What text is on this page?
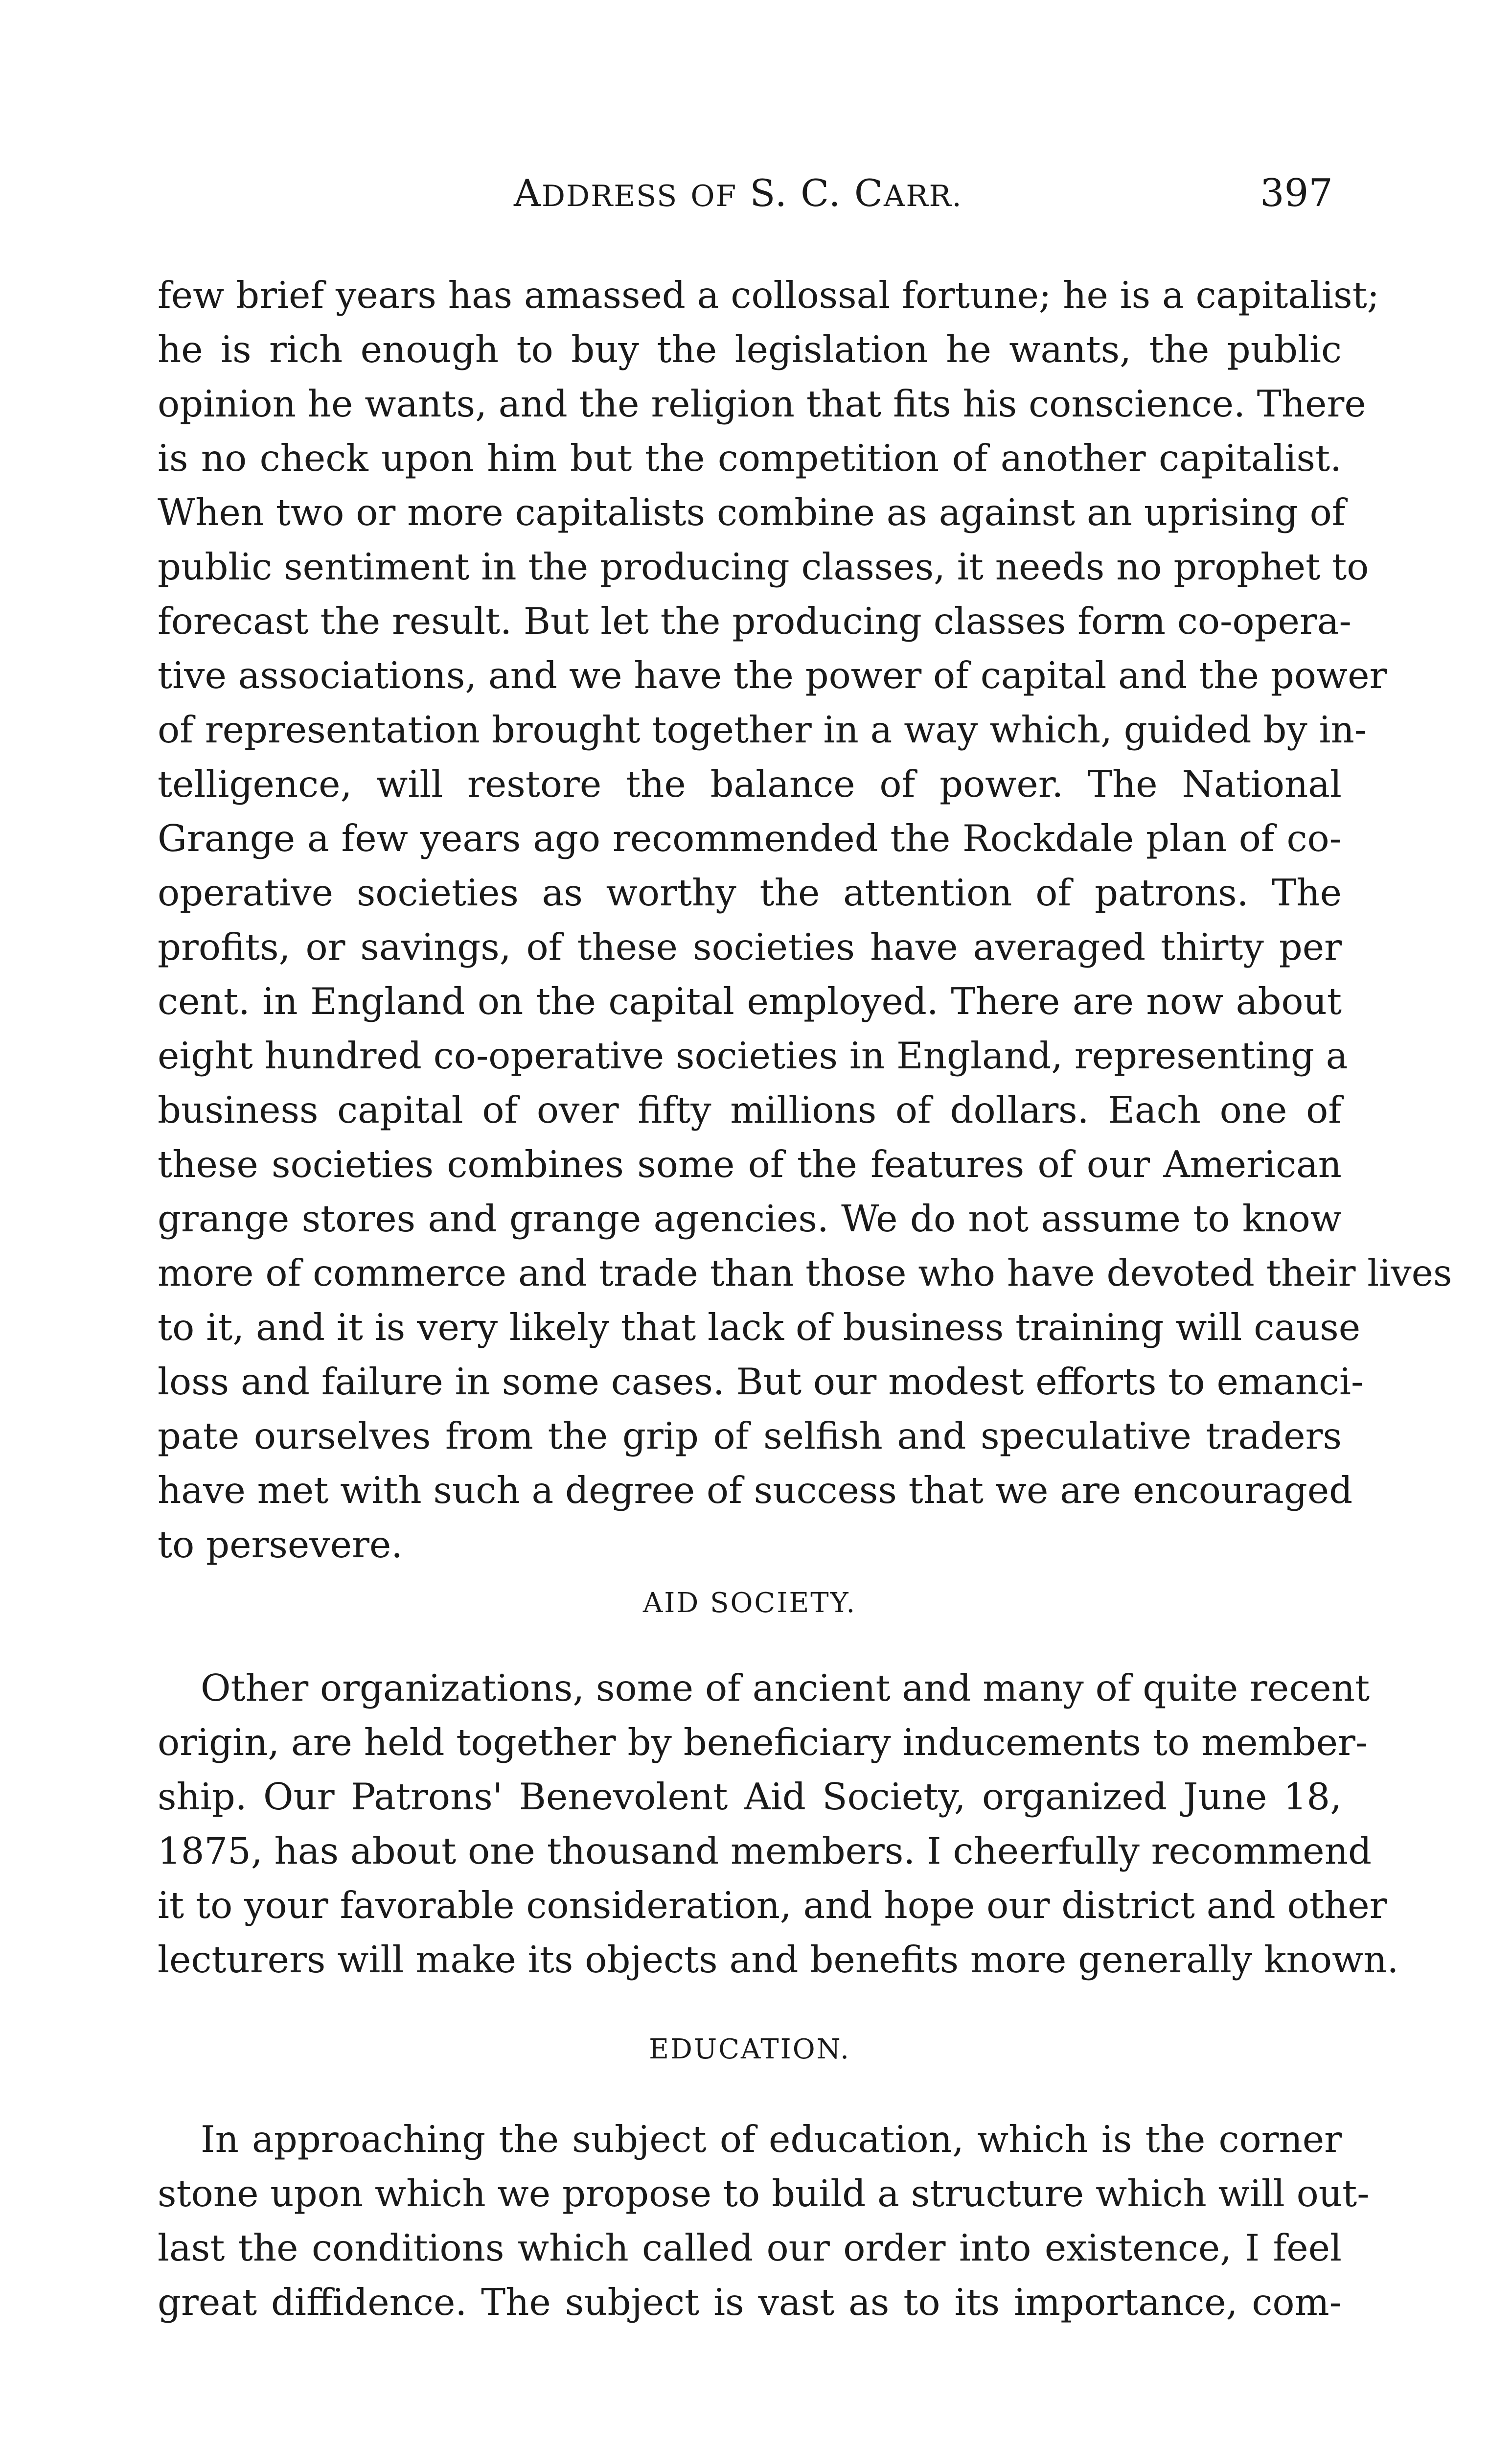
ADDRESS OF S. C. CARR.	397
few brief years has amassed a collossal fortune; he is a capitalist;
he is rich enough to buy the legislation he wants, the public
opinion he wants, and the religion that fits his conscience. There
is no check upon him but the competition of another capitalist.
When two or more capitalists combine as against an uprising of
public sentiment in the producing classes, it needs no prophet to
forecast the result. But let the producing classes form co-opera-
tive associations, and we have the power of capital and the power
of representation brought together in a way which, guided by in-
telligence, will restore the balance of power. The National
Grange a few years ago recommended the Rockdale plan of co-
operative societies as worthy the attention of patrons. The
profits, or savings, of these societies have averaged thirty per
cent. in England on the capital employed. There are now about
eight hundred co-operative societies in England, representing a
business capital of over fifty millions of dollars. Each one of
these societies combines some of the features of our American
grange stores and grange agencies. We do not assume to know
more of commerce and trade than those who have devoted their lives
to it, and it is very likely that lack of business training will cause
loss and failure in some cases. But our modest efforts to emanci-
pate ourselves from the grip of selfish and speculative traders
have met with such a degree of success that we are encouraged
to persevere.
AID SOCIETY.
Other organizations, some of ancient and many of quite recent
origin, are held together by beneficiary inducements to member-
ship. Our Patrons' Benevolent Aid Society, organized June 18,
1875, has about one thousand members. I cheerfully recommend
it to your favorable consideration, and hope our district and other
lecturers will make its objects and benefits more generally known.
EDUCATION.
In approaching the subject of education, which is the corner
stone upon which we propose to build a structure which will out-
last the conditions which called our order into existence, I feel
great diffidence. The subject is vast as to its importance, com-
